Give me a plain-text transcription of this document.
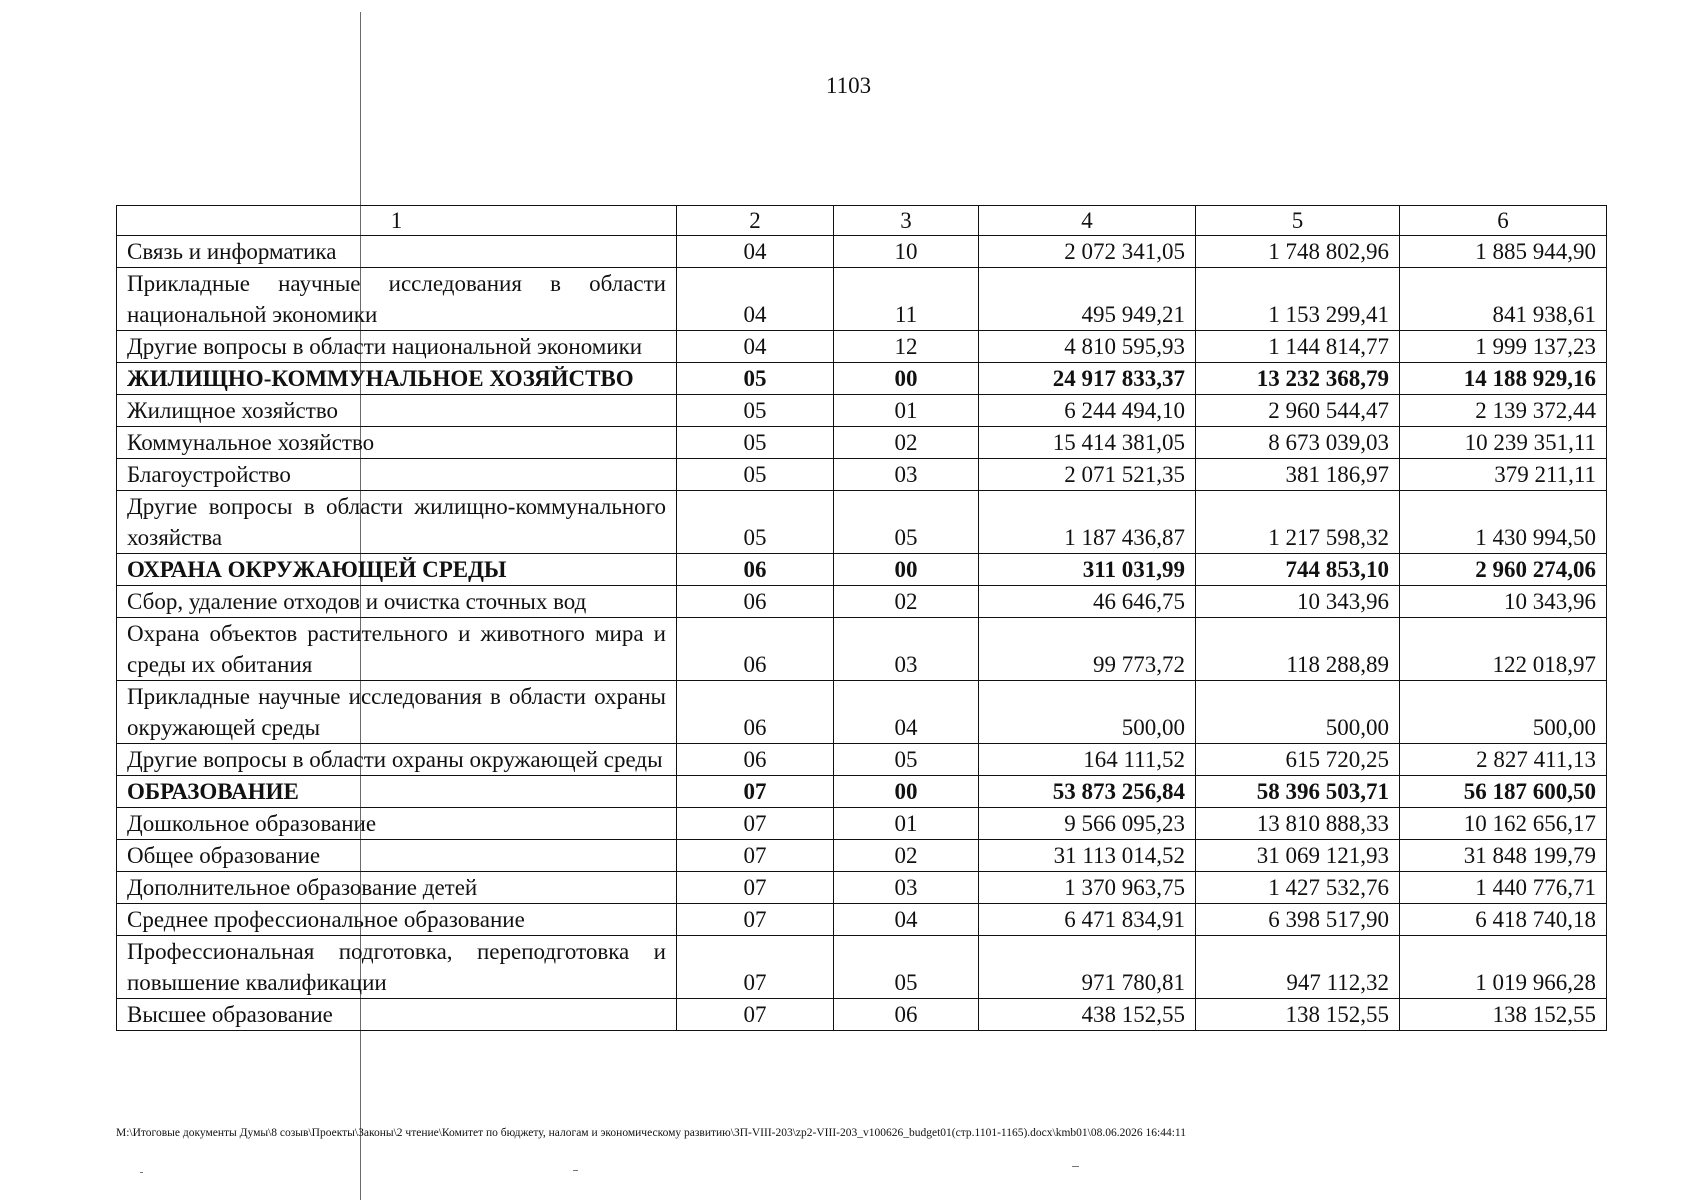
1103
1	2	3	4	5	6
Связь и информатика	04	10	2 072 341,05	1 748 802,96	1 885 944,90
Прикладные научные исследования в области национальной экономики	04	11	495 949,21	1 153 299,41	841 938,61
Другие вопросы в области национальной экономики	04	12	4 810 595,93	1 144 814,77	1 999 137,23
ЖИЛИЩНО-КОММУНАЛЬНОЕ ХОЗЯЙСТВО	05	00	24 917 833,37	13 232 368,79	14 188 929,16
Жилищное хозяйство	05	01	6 244 494,10	2 960 544,47	2 139 372,44
Коммунальное хозяйство	05	02	15 414 381,05	8 673 039,03	10 239 351,11
Благоустройство	05	03	2 071 521,35	381 186,97	379 211,11
Другие вопросы в области жилищно-коммунального хозяйства	05	05	1 187 436,87	1 217 598,32	1 430 994,50
ОХРАНА ОКРУЖАЮЩЕЙ СРЕДЫ	06	00	311 031,99	744 853,10	2 960 274,06
Сбор, удаление отходов и очистка сточных вод	06	02	46 646,75	10 343,96	10 343,96
Охрана объектов растительного и животного мира и среды их обитания	06	03	99 773,72	118 288,89	122 018,97
Прикладные научные исследования в области охраны окружающей среды	06	04	500,00	500,00	500,00
Другие вопросы в области охраны окружающей среды	06	05	164 111,52	615 720,25	2 827 411,13
ОБРАЗОВАНИЕ	07	00	53 873 256,84	58 396 503,71	56 187 600,50
Дошкольное образование	07	01	9 566 095,23	13 810 888,33	10 162 656,17
Общее образование	07	02	31 113 014,52	31 069 121,93	31 848 199,79
Дополнительное образование детей	07	03	1 370 963,75	1 427 532,76	1 440 776,71
Среднее профессиональное образование	07	04	6 471 834,91	6 398 517,90	6 418 740,18
Профессиональная подготовка, переподготовка и повышение квалификации	07	05	971 780,81	947 112,32	1 019 966,28
Высшее образование	07	06	438 152,55	138 152,55	138 152,55
M:\Итоговые документы Думы\8 созыв\Проекты\Законы\2 чтение\Комитет по бюджету, налогам и экономическому развитию\ЗП-VIII-203\zp2-VIII-203_v100626_budget01(стр.1101-1165).docx\kmb01\08.06.2026 16:44:11
